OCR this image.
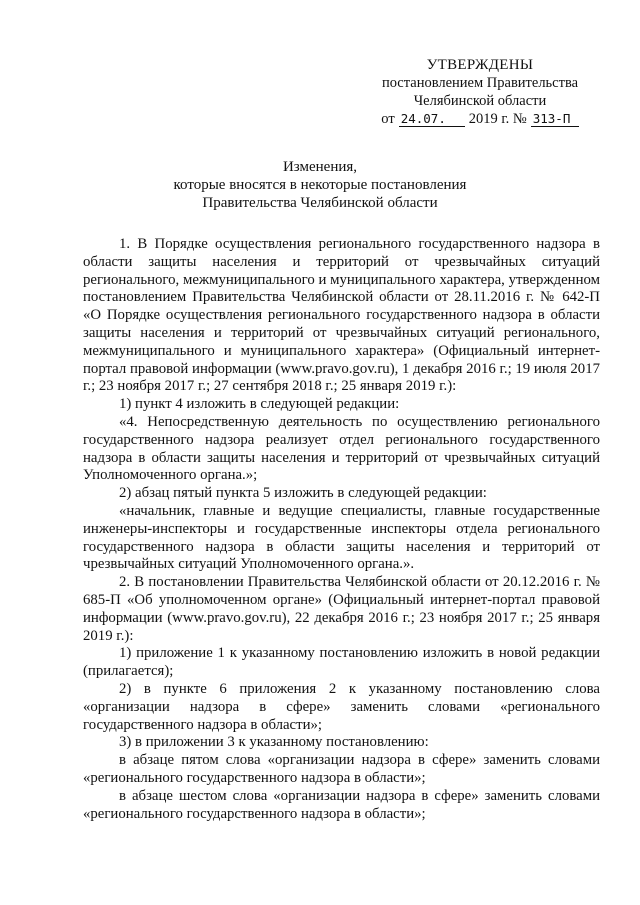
УТВЕРЖДЕНЫ
постановлением Правительства
Челябинской области
от 24.07.	2019 г. № 313-П
Изменения,
которые вносятся в некоторые постановления
Правительства Челябинской области

1. В Порядке осуществления регионального государственного надзора в области защиты населения и территорий от чрезвычайных ситуаций регионального, межмуниципального и муниципального характера, утвержденном постановлением Правительства Челябинской области от 28.11.2016 г. № 642-П «О Порядке осуществления регионального государственного надзора в области защиты населения и территорий от чрезвычайных ситуаций регионального, межмуниципального и муниципального характера» (Официальный интернет-портал правовой информации (www.pravo.gov.ru), 1 декабря 2016 г.; 19 июля 2017 г.; 23 ноября 2017 г.; 27 сентября 2018 г.; 25 января 2019 г.):

1) пункт 4 изложить в следующей редакции:

«4. Непосредственную деятельность по осуществлению регионального государственного надзора реализует отдел регионального государственного надзора в области защиты населения и территорий от чрезвычайных ситуаций Уполномоченного органа.»;

2) абзац пятый пункта 5 изложить в следующей редакции:

«начальник, главные и ведущие специалисты, главные государственные инженеры-инспекторы и государственные инспекторы отдела регионального государственного надзора в области защиты населения и территорий от чрезвычайных ситуаций Уполномоченного органа.».

2. В постановлении Правительства Челябинской области от 20.12.2016 г. № 685-П «Об уполномоченном органе» (Официальный интернет-портал правовой информации (www.pravo.gov.ru), 22 декабря 2016 г.; 23 ноября 2017 г.; 25 января 2019 г.):

1) приложение 1 к указанному постановлению изложить в новой редакции (прилагается);

2) в пункте 6 приложения 2 к указанному постановлению слова «организации надзора в сфере» заменить словами «регионального государственного надзора в области»;

3) в приложении 3 к указанному постановлению:

в абзаце пятом слова «организации надзора в сфере» заменить словами «регионального государственного надзора в области»;

в абзаце шестом слова «организации надзора в сфере» заменить словами «регионального государственного надзора в области»;
